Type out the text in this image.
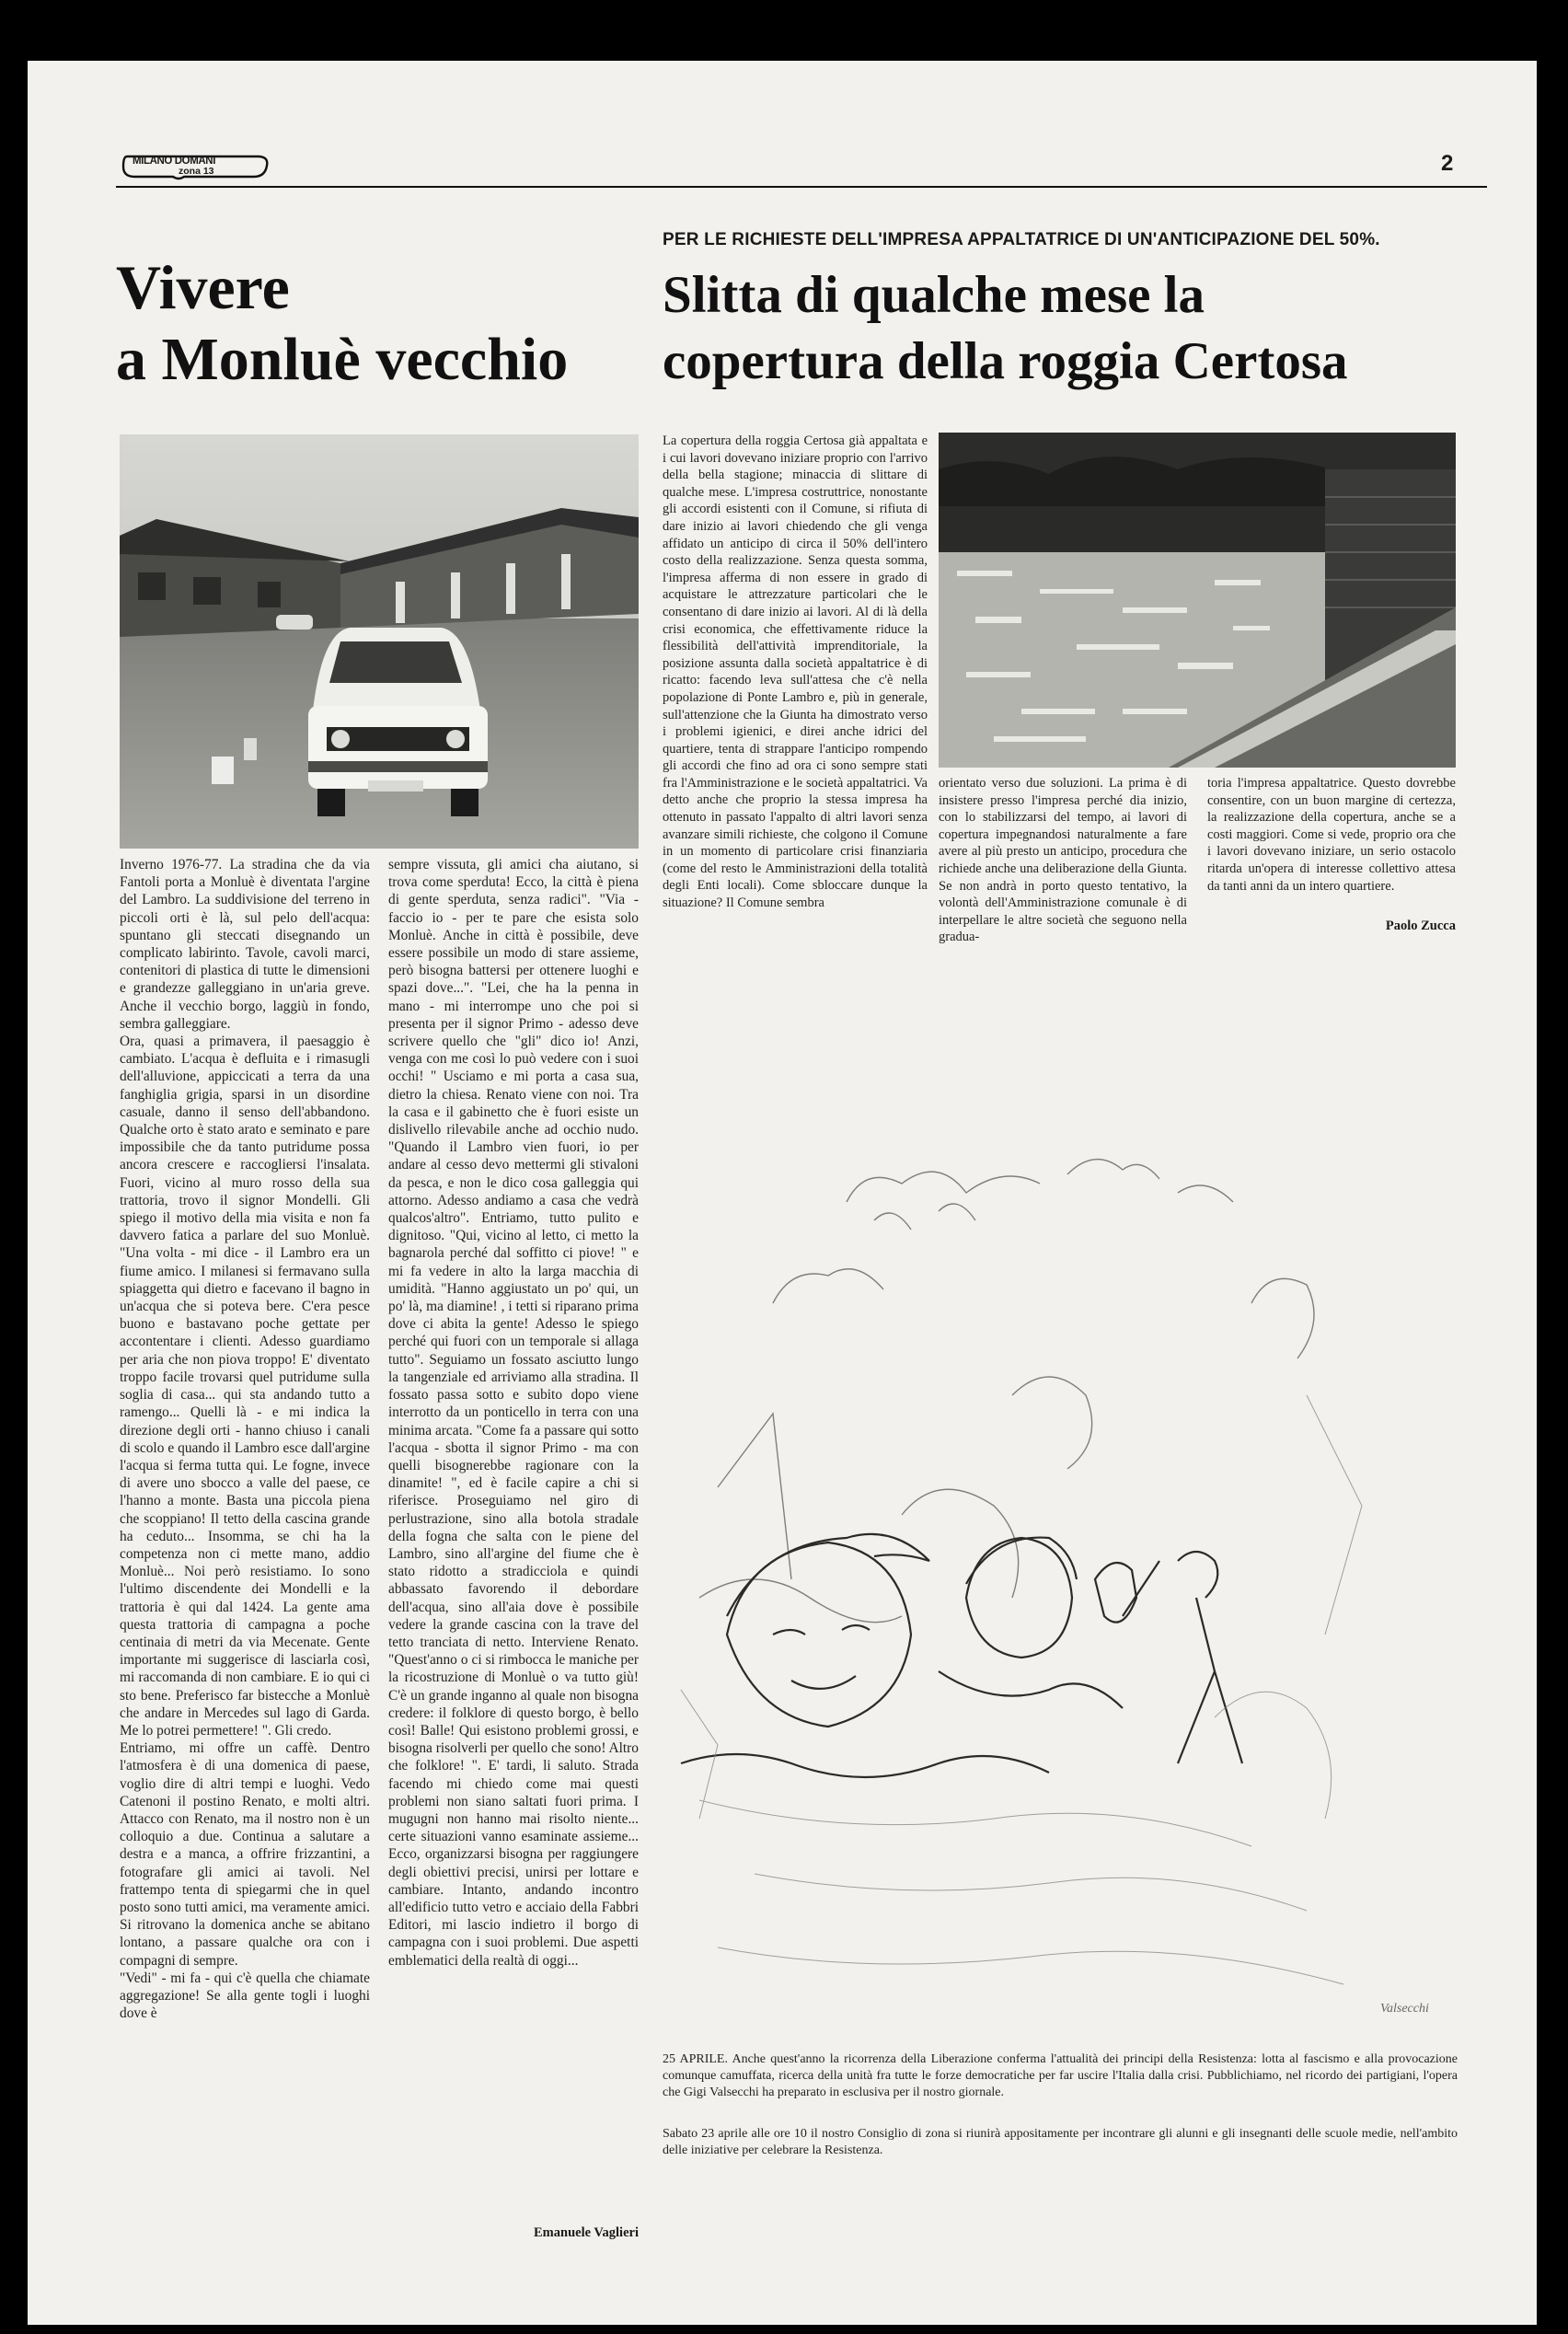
MILANO DOMANI
zona 13	2
Vivere
a Monluè vecchio
Inverno 1976-77. La stradina che da via Fantoli porta a Monluè è diventata l'argine del Lambro. La suddivisione del terreno in piccoli orti è là, sul pelo dell'acqua: spuntano gli steccati disegnando un complicato labirinto. Tavole, cavoli marci, contenitori di plastica di tutte le dimensioni e grandezze galleggiano in un'aria greve. Anche il vecchio borgo, laggiù in fondo, sembra galleggiare.
Ora, quasi a primavera, il paesaggio è cambiato. L'acqua è defluita e i rimasugli dell'alluvione, appiccicati a terra da una fanghiglia grigia, sparsi in un disordine casuale, danno il senso dell'abbandono. Qualche orto è stato arato e seminato e pare impossibile che da tanto putridume possa ancora crescere e raccogliersi l'insalata. Fuori, vicino al muro rosso della sua trattoria, trovo il signor Mondelli. Gli spiego il motivo della mia visita e non fa davvero fatica a parlare del suo Monluè. "Una volta - mi dice - il Lambro era un fiume amico. I milanesi si fermavano sulla spiaggetta qui dietro e facevano il bagno in un'acqua che si poteva bere. C'era pesce buono e bastavano poche gettate per accontentare i clienti. Adesso guardiamo per aria che non piova troppo! E' diventato troppo facile trovarsi quel putridume sulla soglia di casa... qui sta andando tutto a ramengo... Quelli là - e mi indica la direzione degli orti - hanno chiuso i canali di scolo e quando il Lambro esce dall'argine l'acqua si ferma tutta qui. Le fogne, invece di avere uno sbocco a valle del paese, ce l'hanno a monte. Basta una piccola piena che scoppiano! Il tetto della cascina grande ha ceduto... Insomma, se chi ha la competenza non ci mette mano, addio Monluè... Noi però resistiamo. Io sono l'ultimo discendente dei Mondelli e la trattoria è qui dal 1424. La gente ama questa trattoria di campagna a poche centinaia di metri da via Mecenate. Gente importante mi suggerisce di lasciarla così, mi raccomanda di non cambiare. E io qui ci sto bene. Preferisco far bistecche a Monluè che andare in Mercedes sul lago di Garda. Me lo potrei permettere! ". Gli credo.
Entriamo, mi offre un caffè. Dentro l'atmosfera è di una domenica di paese, voglio dire di altri tempi e luoghi. Vedo Catenoni il postino Renato, e molti altri. Attacco con Renato, ma il nostro non è un colloquio a due. Continua a salutare a destra e a manca, a offrire frizzantini, a fotografare gli amici ai tavoli. Nel frattempo tenta di spiegarmi che in quel posto sono tutti amici, ma veramente amici. Si ritrovano la domenica anche se abitano lontano, a passare qualche ora con i compagni di sempre.
"Vedi" - mi fa - qui c'è quella che chiamate aggregazione! Se alla gente togli i luoghi dove è
sempre vissuta, gli amici cha aiutano, si trova come sperduta! Ecco, la città è piena di gente sperduta, senza radici". "Via - faccio io - per te pare che esista solo Monluè. Anche in città è possibile, deve essere possibile un modo di stare assieme, però bisogna battersi per ottenere luoghi e spazi dove...". "Lei, che ha la penna in mano - mi interrompe uno che poi si presenta per il signor Primo - adesso deve scrivere quello che "gli" dico io! Anzi, venga con me così lo può vedere con i suoi occhi! " Usciamo e mi porta a casa sua, dietro la chiesa. Renato viene con noi. Tra la casa e il gabinetto che è fuori esiste un dislivello rilevabile anche ad occhio nudo. "Quando il Lambro vien fuori, io per andare al cesso devo mettermi gli stivaloni da pesca, e non le dico cosa galleggia qui attorno. Adesso andiamo a casa che vedrà qualcos'altro". Entriamo, tutto pulito e dignitoso. "Qui, vicino al letto, ci metto la bagnarola perché dal soffitto ci piove! " e mi fa vedere in alto la larga macchia di umidità. "Hanno aggiustato un po' qui, un po' là, ma diamine! , i tetti si riparano prima dove ci abita la gente! Adesso le spiego perché qui fuori con un temporale si allaga tutto". Seguiamo un fossato asciutto lungo la tangenziale ed arriviamo alla stradina. Il fossato passa sotto e subito dopo viene interrotto da un ponticello in terra con una minima arcata. "Come fa a passare qui sotto l'acqua - sbotta il signor Primo - ma con quelli bisognerebbe ragionare con la dinamite! ", ed è facile capire a chi si riferisce. Proseguiamo nel giro di perlustrazione, sino alla botola stradale della fogna che salta con le piene del Lambro, sino all'argine del fiume che è stato ridotto a stradicciola e quindi abbassato favorendo il debordare dell'acqua, sino all'aia dove è possibile vedere la grande cascina con la trave del tetto tranciata di netto. Interviene Renato. "Quest'anno o ci si rimbocca le maniche per la ricostruzione di Monluè o va tutto giù! C'è un grande inganno al quale non bisogna credere: il folklore di questo borgo, è bello così! Balle! Qui esistono problemi grossi, e bisogna risolverli per quello che sono! Altro che folklore! ". E' tardi, li saluto. Strada facendo mi chiedo come mai questi problemi non siano saltati fuori prima. I mugugni non hanno mai risolto niente... certe situazioni vanno esaminate assieme... Ecco, organizzarsi bisogna per raggiungere degli obiettivi precisi, unirsi per lottare e cambiare. Intanto, andando incontro all'edificio tutto vetro e acciaio della Fabbri Editori, mi lascio indietro il borgo di campagna con i suoi problemi. Due aspetti emblematici della realtà di oggi...
Emanuele Vaglieri
PER LE RICHIESTE DELL'IMPRESA APPALTATRICE DI UN'ANTICIPAZIONE DEL 50%.
Slitta di qualche mese la
copertura della roggia Certosa
La copertura della roggia Certosa già appaltata e i cui lavori dovevano iniziare proprio con l'arrivo della bella stagione; minaccia di slittare di qualche mese. L'impresa costruttrice, nonostante gli accordi esistenti con il Comune, si rifiuta di dare inizio ai lavori chiedendo che gli venga affidato un anticipo di circa il 50% dell'intero costo della realizzazione. Senza questa somma, l'impresa afferma di non essere in grado di acquistare le attrezzature particolari che le consentano di dare inizio ai lavori. Al di là della crisi economica, che effettivamente riduce la flessibilità dell'attività imprenditoriale, la posizione assunta dalla società appaltatrice è di ricatto: facendo leva sull'attesa che c'è nella popolazione di Ponte Lambro e, più in generale, sull'attenzione che la Giunta ha dimostrato verso i problemi igienici, e direi anche idrici del quartiere, tenta di strappare l'anticipo rompendo gli accordi che fino ad ora ci sono sempre stati fra l'Amministrazione e le società appaltatrici. Va detto anche che proprio la stessa impresa ha ottenuto in passato l'appalto di altri lavori senza avanzare simili richieste, che colgono il Comune in un momento di particolare crisi finanziaria (come del resto le Amministrazioni della totalità degli Enti locali). Come sbloccare dunque la situazione? Il Comune sembra
orientato verso due soluzioni. La prima è di insistere presso l'impresa perché dia inizio, con lo stabilizzarsi del tempo, ai lavori di copertura impegnandosi naturalmente a fare avere al più presto un anticipo, procedura che richiede anche una deliberazione della Giunta. Se non andrà in porto questo tentativo, la volontà dell'Amministrazione comunale è di interpellare le altre società che seguono nella gradua-
toria l'impresa appaltatrice. Questo dovrebbe consentire, con un buon margine di certezza, la realizzazione della copertura, anche se a costi maggiori. Come si vede, proprio ora che i lavori dovevano iniziare, un serio ostacolo ritarda un'opera di interesse collettivo attesa da tanti anni da un intero quartiere.
Paolo Zucca
Valsecchi
25 APRILE. Anche quest'anno la ricorrenza della Liberazione conferma l'attualità dei principi della Resistenza: lotta al fascismo e alla provocazione comunque camuffata, ricerca della unità fra tutte le forze democratiche per far uscire l'Italia dalla crisi. Pubblichiamo, nel ricordo dei partigiani, l'opera che Gigi Valsecchi ha preparato in esclusiva per il nostro giornale.
Sabato 23 aprile alle ore 10 il nostro Consiglio di zona si riunirà appositamente per incontrare gli alunni e gli insegnanti delle scuole medie, nell'ambito delle iniziative per celebrare la Resistenza.
